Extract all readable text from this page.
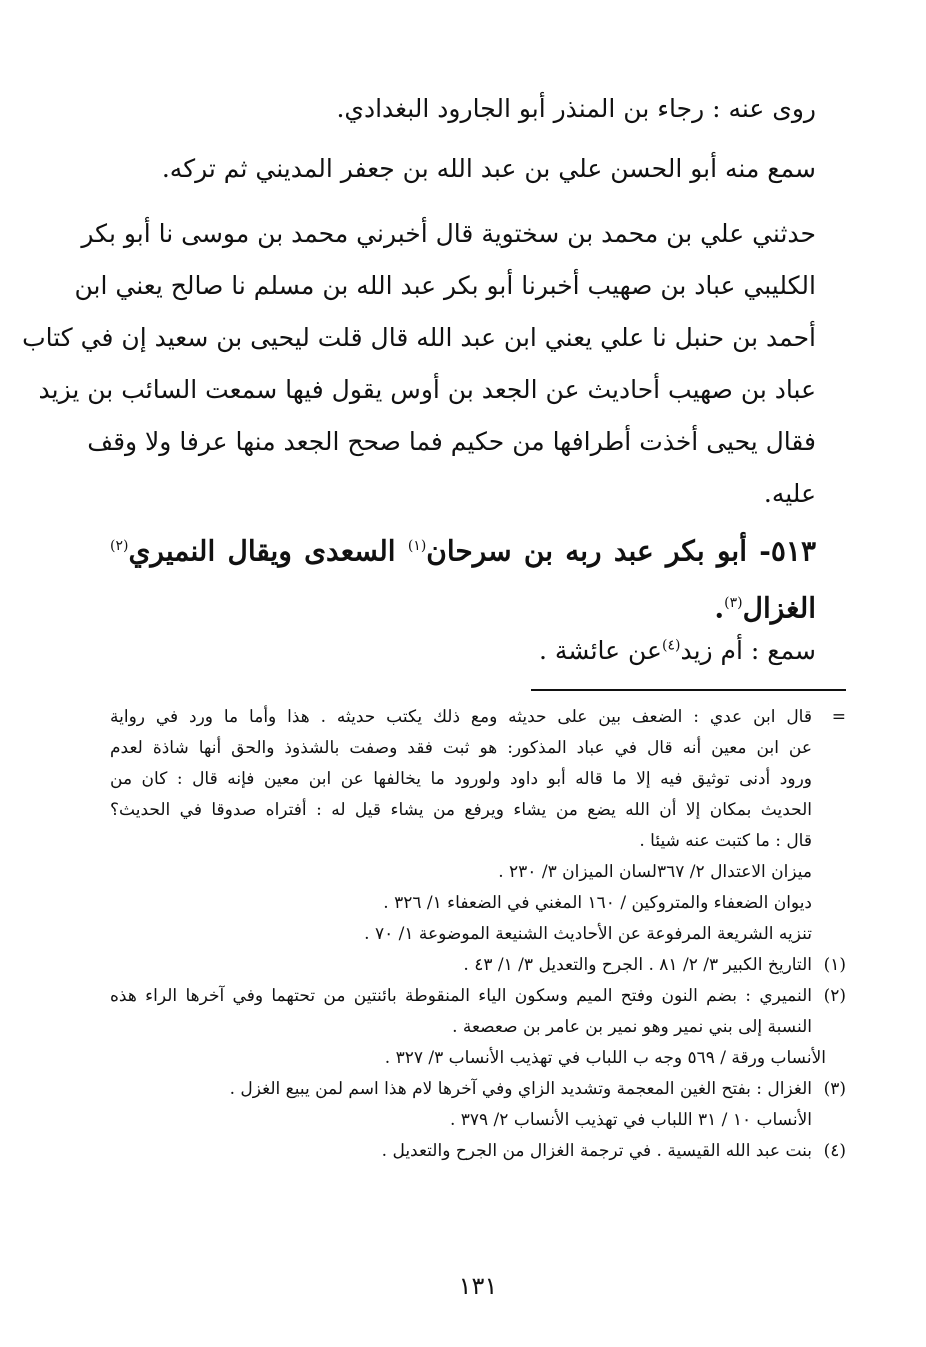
روى عنه : رجاء بن المنذر أبو الجارود البغدادي.
سمع منه أبو الحسن علي بن عبد الله بن جعفر المديني ثم تركه.
حدثني علي بن محمد بن سختوية قال أخبرني محمد بن موسى نا أبو بكر
الكليبي عباد بن صهيب أخبرنا أبو بكر عبد الله بن مسلم نا صالح يعني ابن
أحمد بن حنبل نا علي يعني ابن عبد الله قال قلت ليحيى بن سعيد إن في كتاب
عباد بن صهيب أحاديث عن الجعد بن أوس يقول فيها سمعت السائب بن يزيد
فقال يحيى أخذت أطرافها من حكيم فما صحح الجعد منها عرفا ولا وقف
عليه.
٥١٣- أبو بكر عبد ربه بن سرحان$^{(١)}$ السعدى ويقال النميري$^{(٢)}$
الغزال$^{(٣)}$.
سمع : أم زيد$^{(٤)}$عن عائشة .
=
قال ابن عدي : الضعف بين على حديثه ومع ذلك يكتب حديثه . هذا وأما ما ورد في رواية
عن ابن معين أنه قال في عباد المذكور: هو ثبت فقد وصفت بالشذوذ والحق أنها شاذة لعدم
ورود أدنى توثيق فيه إلا ما قاله أبو داود ولورود ما يخالفها عن ابن معين فإنه قال : كان من
الحديث بمكان إلا أن الله يضع من يشاء ويرفع من يشاء قيل له : أفتراه صدوقا في الحديث؟
قال : ما كتبت عنه شيئا .
ميزان الاعتدال ٢/ ٣٦٧لسان الميزان ٣/ ٢٣٠ .
ديوان الضعفاء والمتروكين / ١٦٠ المغني في الضعفاء ١/ ٣٢٦ .
تنزيه الشريعة المرفوعة عن الأحاديث الشنيعة الموضوعة ١/ ٧٠ .
(١)
التاريخ الكبير ٣/ ٢/ ٨١ . الجرح والتعديل ٣/ ١/ ٤٣ .
(٢)
النميري : بضم النون وفتح الميم وسكون الياء المنقوطة بائنتين من تحتهما وفي آخرها الراء هذه
النسبة إلى بني نمير وهو نمير بن عامر بن صعصعة .
الأنساب ورقة / ٥٦٩ وجه ب اللباب في تهذيب الأنساب ٣/ ٣٢٧ .
(٣)
الغزال : بفتح الغين المعجمة وتشديد الزاي وفي آخرها لام هذا اسم لمن يبيع الغزل .
الأنساب ١٠ / ٣١ اللباب في تهذيب الأنساب ٢/ ٣٧٩ .
(٤)
بنت عبد الله القيسية . في ترجمة الغزال من الجرح والتعديل .
١٣١
